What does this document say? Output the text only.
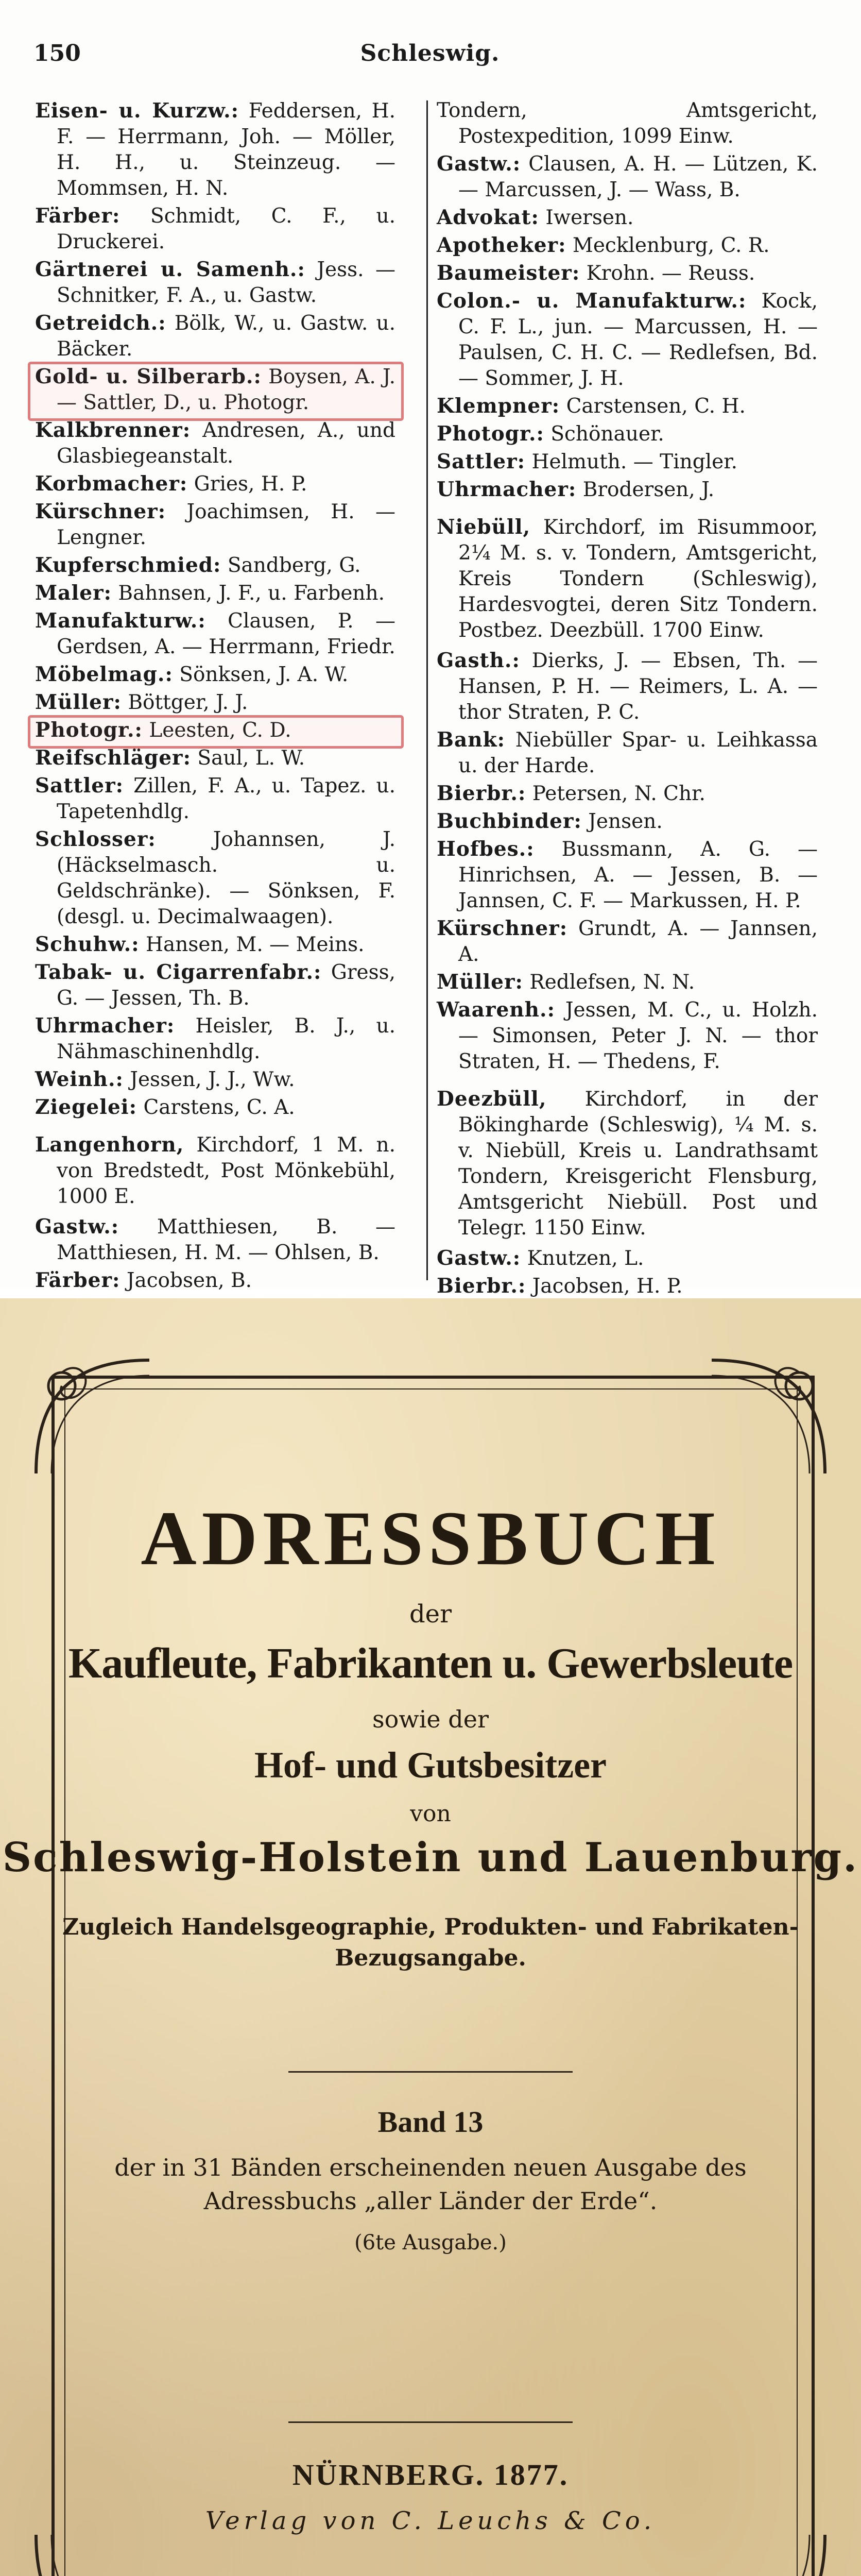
150	Schleswig.
Eisen- u. Kurzw.: Feddersen, H. F. — Herrmann, Joh. — Möller, H. H., u. Steinzeug. — Mommsen, H. N.
Färber: Schmidt, C. F., u. Druckerei.
Gärtnerei u. Samenh.: Jess. — Schnitker, F. A., u. Gastw.
Getreidch.: Bölk, W., u. Gastw. u. Bäcker.
Gold- u. Silberarb.: Boysen, A. J. — Sattler, D., u. Photogr.
Kalkbrenner: Andresen, A., und Glasbiegeanstalt.
Korbmacher: Gries, H. P.
Kürschner: Joachimsen, H. — Lengner.
Kupferschmied: Sandberg, G.
Maler: Bahnsen, J. F., u. Farbenh.
Manufakturw.: Clausen, P. — Gerdsen, A. — Herrmann, Friedr.
Möbelmag.: Sönksen, J. A. W.
Müller: Böttger, J. J.
Photogr.: Leesten, C. D.
Reifschläger: Saul, L. W.
Sattler: Zillen, F. A., u. Tapez. u. Tapetenhdlg.
Schlosser:	Johannsen, J. (Häckselmasch. u. Geldschränke). — Sönksen, F. (desgl. u. Decimalwaagen).
Schuhw.: Hansen, M. — Meins.
Tabak- u. Cigarrenfabr.: Gress, G. — Jessen, Th. B.
Uhrmacher: Heisler, B. J., u. Nähmaschinenhdlg.
Weinh.: Jessen, J. J., Ww.
Ziegelei: Carstens, C. A.
Langenhorn, Kirchdorf, 1 M. n. von Bredstedt, Post Mönkebühl, 1000 E.
Gastw.: Matthiesen, B. — Matthiesen, H. M. — Ohlsen, B.
Färber: Jacobsen, B.
Tondern, Amtsgericht, Postexpedition, 1099 Einw.
Gastw.: Clausen, A. H. — Lützen, K. — Marcussen, J. — Wass, B.
Advokat: Iwersen.
Apotheker: Mecklenburg, C. R.
Baumeister: Krohn. — Reuss.
Colon.- u. Manufakturw.: Kock, C. F. L., jun. — Marcussen, H. — Paulsen, C. H. C. — Redlefsen, Bd. — Sommer, J. H.
Klempner: Carstensen, C. H.
Photogr.: Schönauer.
Sattler: Helmuth. — Tingler.
Uhrmacher: Brodersen, J.
Niebüll, Kirchdorf, im Risummoor, 2¼ M. s. v. Tondern, Amtsgericht, Kreis Tondern (Schleswig), Hardesvogtei, deren Sitz Tondern. Postbez. Deezbüll. 1700 Einw.
Gasth.: Dierks, J. — Ebsen, Th. — Hansen, P. H. — Reimers, L. A. — thor Straten, P. C.
Bank: Niebüller Spar- u. Leihkassa u. der Harde.
Bierbr.: Petersen, N. Chr.
Buchbinder: Jensen.
Hofbes.: Bussmann, A. G. — Hinrichsen, A. — Jessen, B. — Jannsen, C. F. — Markussen, H. P.
Kürschner: Grundt, A. — Jannsen, A.
Müller: Redlefsen, N. N.
Waarenh.: Jessen, M. C., u. Holzh. — Simonsen, Peter J. N. — thor Straten, H. — Thedens, F.
Deezbüll, Kirchdorf, in der Bökingharde (Schleswig), ¼ M. s. v. Niebüll, Kreis u. Landrathsamt Tondern, Kreisgericht Flensburg, Amtsgericht Niebüll. Post und Telegr. 1150 Einw.
Gastw.: Knutzen, L.
Bierbr.: Jacobsen, H. P.
ADRESSBUCH
der
Kaufleute, Fabrikanten u. Gewerbsleute
sowie der
Hof- und Gutsbesitzer
von
Schleswig-Holstein und Lauenburg.
Zugleich Handelsgeographie, Produkten- und Fabrikaten-
Bezugsangabe.
Band 13
der in 31 Bänden erscheinenden neuen Ausgabe des
Adressbuchs „aller Länder der Erde“.
(6te Ausgabe.)
NÜRNBERG. 1877.
Verlag von C. Leuchs & Co.
